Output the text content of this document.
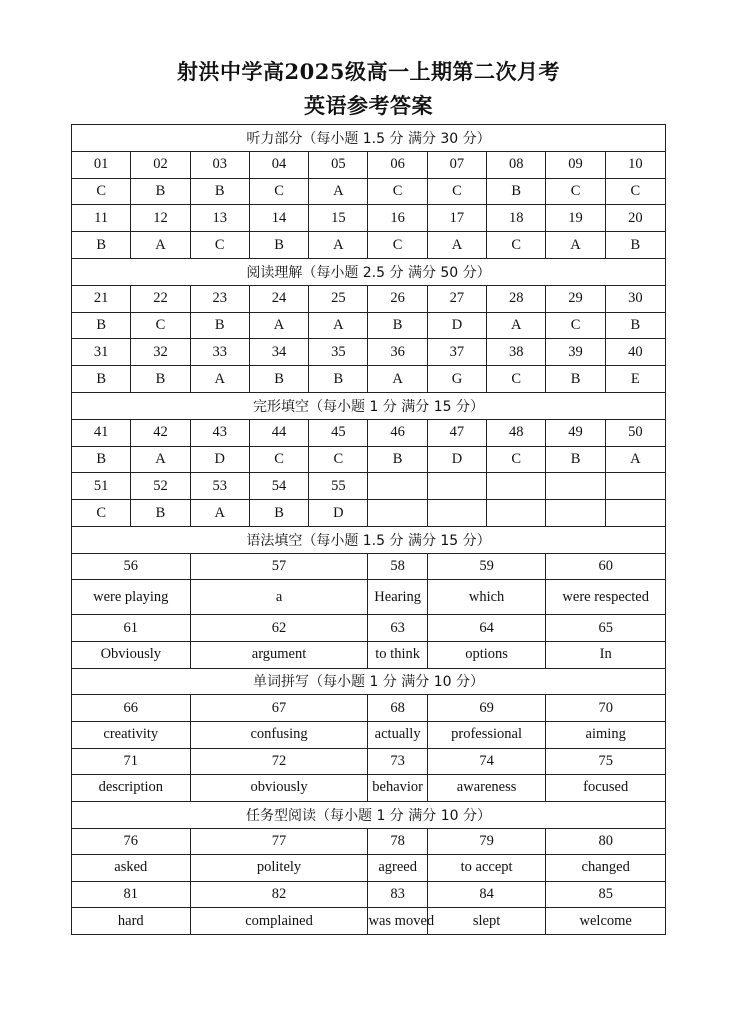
射洪中学高2025级高一上期第二次月考
英语参考答案

听力部分（每小题 1.5 分 满分 30 分）									
01	02	03	04	05	06	07	08	09	10
C	B	B	C	A	C	C	B	C	C
11	12	13	14	15	16	17	18	19	20
B	A	C	B	A	C	A	C	A	B
阅读理解（每小题 2.5 分 满分 50 分）									
21	22	23	24	25	26	27	28	29	30
B	C	B	A	A	B	D	A	C	B
31	32	33	34	35	36	37	38	39	40
B	B	A	B	B	A	G	C	B	E
完形填空（每小题 1 分 满分 15 分）									
41	42	43	44	45	46	47	48	49	50
B	A	D	C	C	B	D	C	B	A
51	52	53	54	55					
C	B	A	B	D					
语法填空（每小题 1.5 分 满分 15 分）									
56		57			58	59		60	
were playing		a			Hearing	which		were respected	
61		62			63	64		65	
Obviously		argument			to think	options		In	
单词拼写（每小题 1 分 满分 10 分）									
66		67			68	69		70	
creativity		confusing			actually	professional		aiming	
71		72			73	74		75	
description		obviously			behavior	awareness		focused	
任务型阅读（每小题 1 分 满分 10 分）									
76		77			78	79		80	
asked		politely			agreed	to accept		changed	
81		82			83	84		85	
hard		complained			was moved	slept		welcome	
